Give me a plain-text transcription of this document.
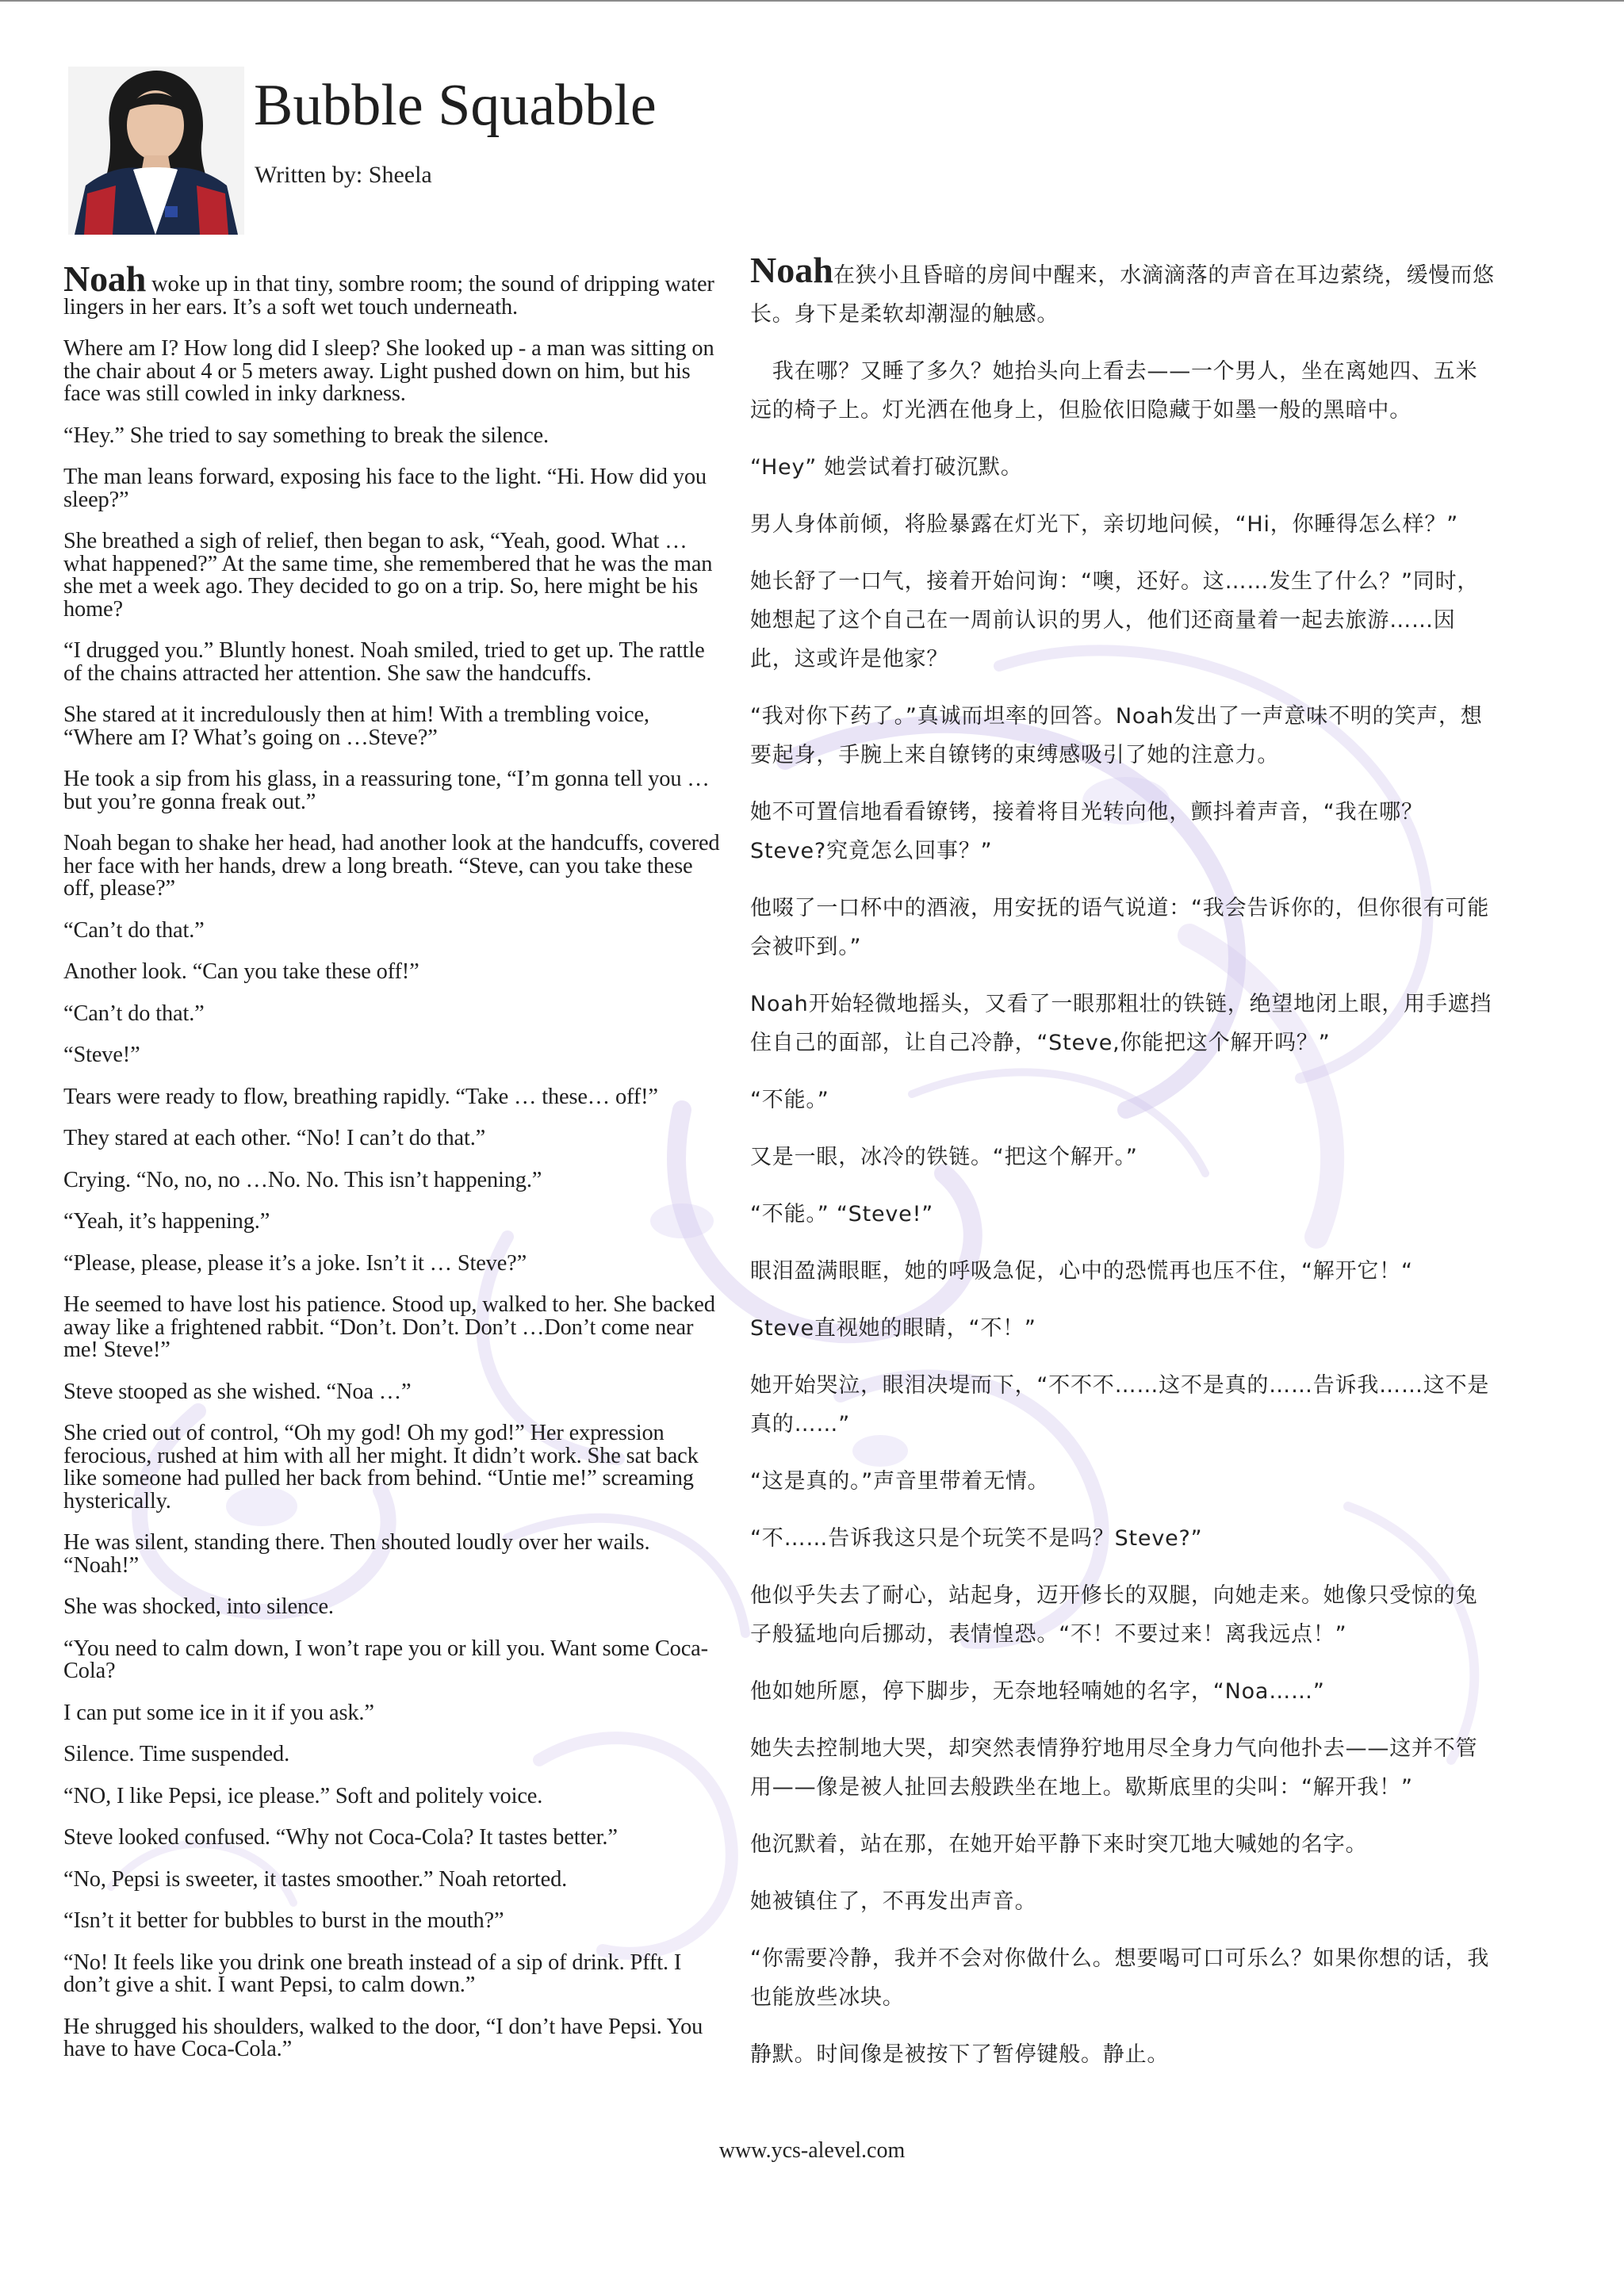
Bubble Squabble
Written by: Sheela

Noah woke up in that tiny, sombre room; the sound of dripping water lingers in her ears. It’s a soft wet touch underneath.

Where am I? How long did I sleep? She looked up - a man was sitting on the chair about 4 or 5 meters away. Light pushed down on him, but his face was still cowled in inky darkness.

“Hey.” She tried to say something to break the silence.

The man leans forward, exposing his face to the light. “Hi. How did you sleep?”

She breathed a sigh of relief, then began to ask, “Yeah, good. What …what happened?” At the same time, she remembered that he was the man she met a week ago. They decided to go on a trip. So, here might be his home?

“I drugged you.” Bluntly honest. Noah smiled, tried to get up. The rattle of the chains attracted her attention. She saw the handcuffs.

She stared at it incredulously then at him! With a trembling voice, “Where am I? What’s going on …Steve?”

He took a sip from his glass, in a reassuring tone, “I’m gonna tell you …but you’re gonna freak out.”

Noah began to shake her head, had another look at the handcuffs, covered her face with her hands, drew a long breath. “Steve, can you take these off, please?”

“Can’t do that.”

Another look. “Can you take these off!”

“Can’t do that.”

“Steve!”

Tears were ready to flow, breathing rapidly. “Take … these… off!”

They stared at each other. “No! I can’t do that.”

Crying. “No, no, no …No. No. This isn’t happening.”

“Yeah, it’s happening.”

“Please, please, please it’s a joke. Isn’t it … Steve?”

He seemed to have lost his patience. Stood up, walked to her. She backed away like a frightened rabbit. “Don’t. Don’t. Don’t …Don’t come near me! Steve!”

Steve stooped as she wished. “Noa …”

She cried out of control, “Oh my god! Oh my god!” Her expression ferocious, rushed at him with all her might. It didn’t work. She sat back like someone had pulled her back from behind. “Untie me!” screaming hysterically.

He was silent, standing there. Then shouted loudly over her wails. “Noah!”

She was shocked, into silence.

“You need to calm down, I won’t rape you or kill you. Want some Coca-Cola?

I can put some ice in it if you ask.”

Silence. Time suspended.

“NO, I like Pepsi, ice please.” Soft and politely voice.

Steve looked confused. “Why not Coca-Cola? It tastes better.”

“No, Pepsi is sweeter, it tastes smoother.” Noah retorted.

“Isn’t it better for bubbles to burst in the mouth?”

“No! It feels like you drink one breath instead of a sip of drink. Pfft. I don’t give a shit. I want Pepsi, to calm down.”

He shrugged his shoulders, walked to the door, “I don’t have Pepsi. You have to have Coca-Cola.”

Noah在狭小且昏暗的房间中醒来，水滴滴落的声音在耳边萦绕，缓慢而悠长。身下是柔软却潮湿的触感。

　我在哪？又睡了多久？她抬头向上看去——一个男人，坐在离她四、五米远的椅子上。灯光洒在他身上，但脸依旧隐藏于如墨一般的黑暗中。

“Hey” 她尝试着打破沉默。

男人身体前倾，将脸暴露在灯光下，亲切地问候，“Hi，你睡得怎么样？”

她长舒了一口气，接着开始问询：“噢，还好。这……发生了什么？”同时，她想起了这个自己在一周前认识的男人，他们还商量着一起去旅游……因此，这或许是他家？

“我对你下药了。”真诚而坦率的回答。Noah发出了一声意味不明的笑声，想要起身，手腕上来自镣铐的束缚感吸引了她的注意力。

她不可置信地看看镣铐，接着将目光转向他，颤抖着声音，“我在哪？Steve?究竟怎么回事？”

他啜了一口杯中的酒液，用安抚的语气说道：“我会告诉你的，但你很有可能会被吓到。”

Noah开始轻微地摇头，又看了一眼那粗壮的铁链，绝望地闭上眼，用手遮挡住自己的面部，让自己冷静，“Steve,你能把这个解开吗？”

“不能。”

又是一眼，冰冷的铁链。“把这个解开。”

“不能。” “Steve!”

眼泪盈满眼眶，她的呼吸急促，心中的恐慌再也压不住，“解开它！“

Steve直视她的眼睛，“不！”

她开始哭泣，眼泪决堤而下，“不不不……这不是真的……告诉我……这不是真的……”

“这是真的。”声音里带着无情。

“不……告诉我这只是个玩笑不是吗？Steve?”

他似乎失去了耐心，站起身，迈开修长的双腿，向她走来。她像只受惊的兔子般猛地向后挪动，表情惶恐。“不！不要过来！离我远点！”

他如她所愿，停下脚步，无奈地轻喃她的名字，“Noa……”

她失去控制地大哭，却突然表情狰狞地用尽全身力气向他扑去——这并不管用——像是被人扯回去般跌坐在地上。歇斯底里的尖叫：“解开我！”

他沉默着，站在那，在她开始平静下来时突兀地大喊她的名字。

她被镇住了，不再发出声音。

“你需要冷静，我并不会对你做什么。想要喝可口可乐么？如果你想的话，我也能放些冰块。

静默。时间像是被按下了暂停键般。静止。

www.ycs-alevel.com
